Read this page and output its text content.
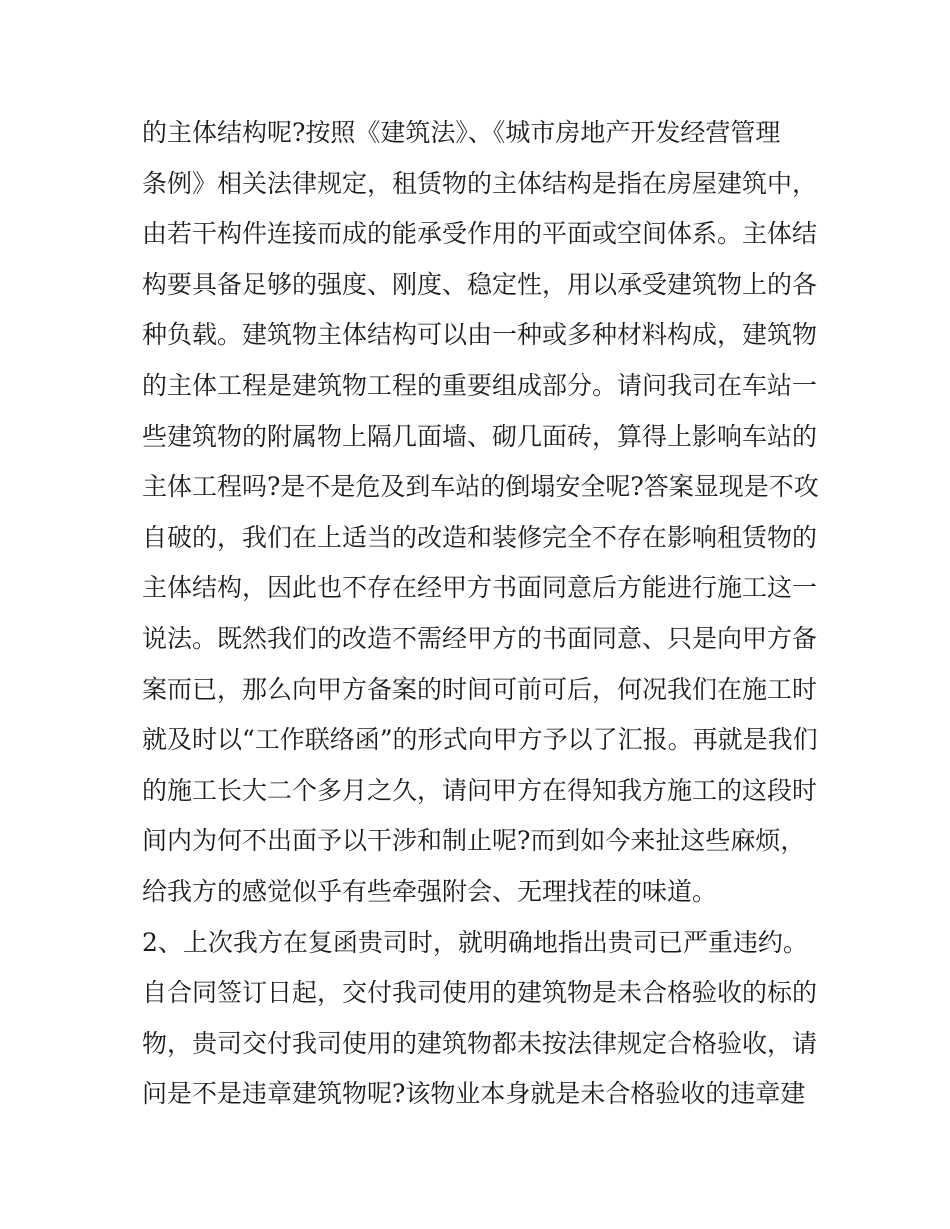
的主体结构呢?按照《建筑法》、《城市房地产开发经营管理
条例》相关法律规定，租赁物的主体结构是指在房屋建筑中，
由若干构件连接而成的能承受作用的平面或空间体系。主体结
构要具备足够的强度、刚度、稳定性，用以承受建筑物上的各
种负载。建筑物主体结构可以由一种或多种材料构成，建筑物
的主体工程是建筑物工程的重要组成部分。请问我司在车站一
些建筑物的附属物上隔几面墙、砌几面砖，算得上影响车站的
主体工程吗?是不是危及到车站的倒塌安全呢?答案显现是不攻
自破的，我们在上适当的改造和装修完全不存在影响租赁物的
主体结构，因此也不存在经甲方书面同意后方能进行施工这一
说法。既然我们的改造不需经甲方的书面同意、只是向甲方备
案而已，那么向甲方备案的时间可前可后，何况我们在施工时
就及时以“工作联络函”的形式向甲方予以了汇报。再就是我们
的施工长大二个多月之久，请问甲方在得知我方施工的这段时
间内为何不出面予以干涉和制止呢?而到如今来扯这些麻烦，
给我方的感觉似乎有些牵强附会、无理找茬的味道。
2、上次我方在复函贵司时，就明确地指出贵司已严重违约。
自合同签订日起，交付我司使用的建筑物是未合格验收的标的
物，贵司交付我司使用的建筑物都未按法律规定合格验收，请
问是不是违章建筑物呢?该物业本身就是未合格验收的违章建
